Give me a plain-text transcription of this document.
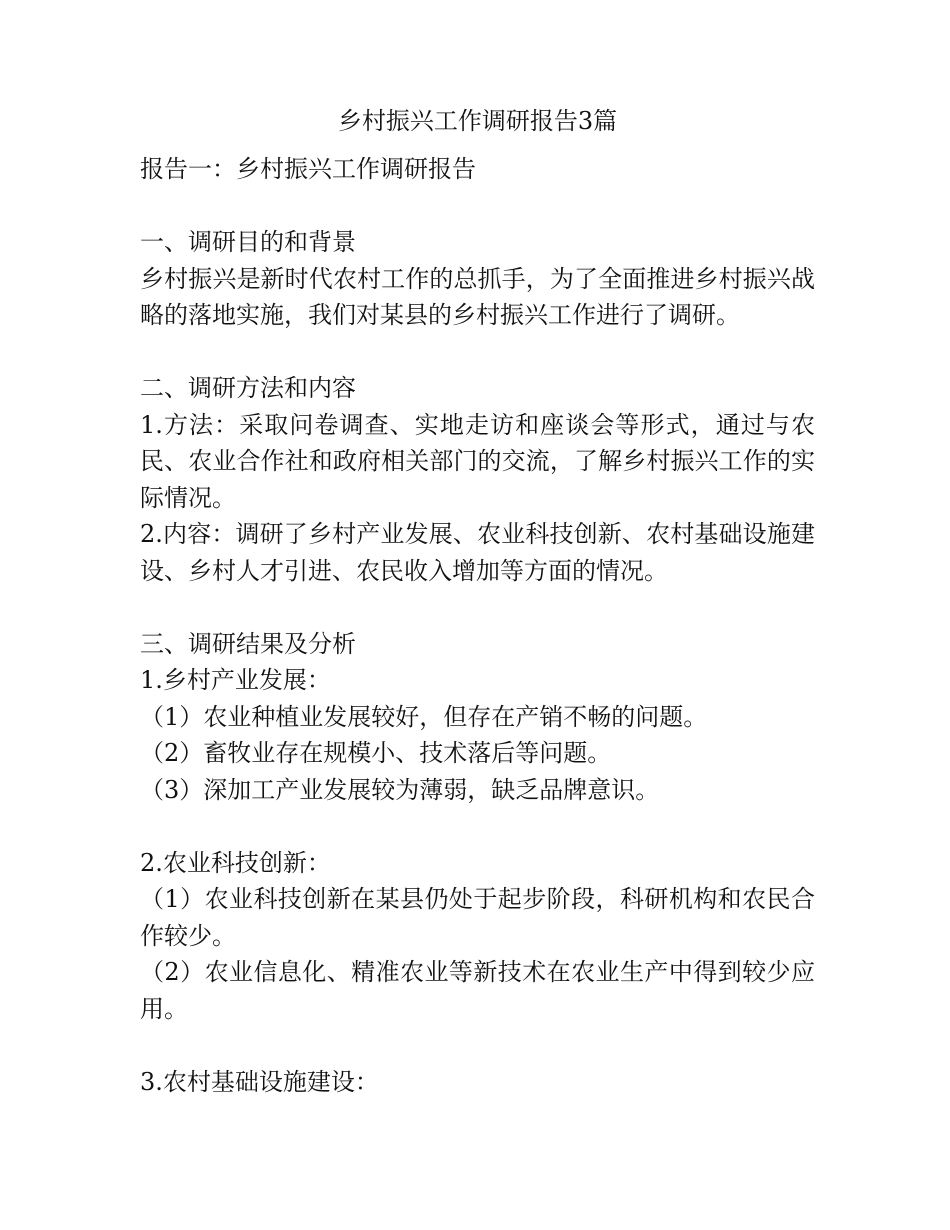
乡村振兴工作调研报告3篇
报告一：乡村振兴工作调研报告
一、调研目的和背景

乡村振兴是新时代农村工作的总抓手，为了全面推进乡村振兴战略的落地实施，我们对某县的乡村振兴工作进行了调研。

二、调研方法和内容

1.方法：采取问卷调查、实地走访和座谈会等形式，通过与农民、农业合作社和政府相关部门的交流，了解乡村振兴工作的实际情况。

2.内容：调研了乡村产业发展、农业科技创新、农村基础设施建设、乡村人才引进、农民收入增加等方面的情况。

三、调研结果及分析
1.乡村产业发展：
（1）农业种植业发展较好，但存在产销不畅的问题。
（2）畜牧业存在规模小、技术落后等问题。
（3）深加工产业发展较为薄弱，缺乏品牌意识。
2.农业科技创新：

（1）农业科技创新在某县仍处于起步阶段，科研机构和农民合作较少。

（2）农业信息化、精准农业等新技术在农业生产中得到较少应用。

3.农村基础设施建设：
